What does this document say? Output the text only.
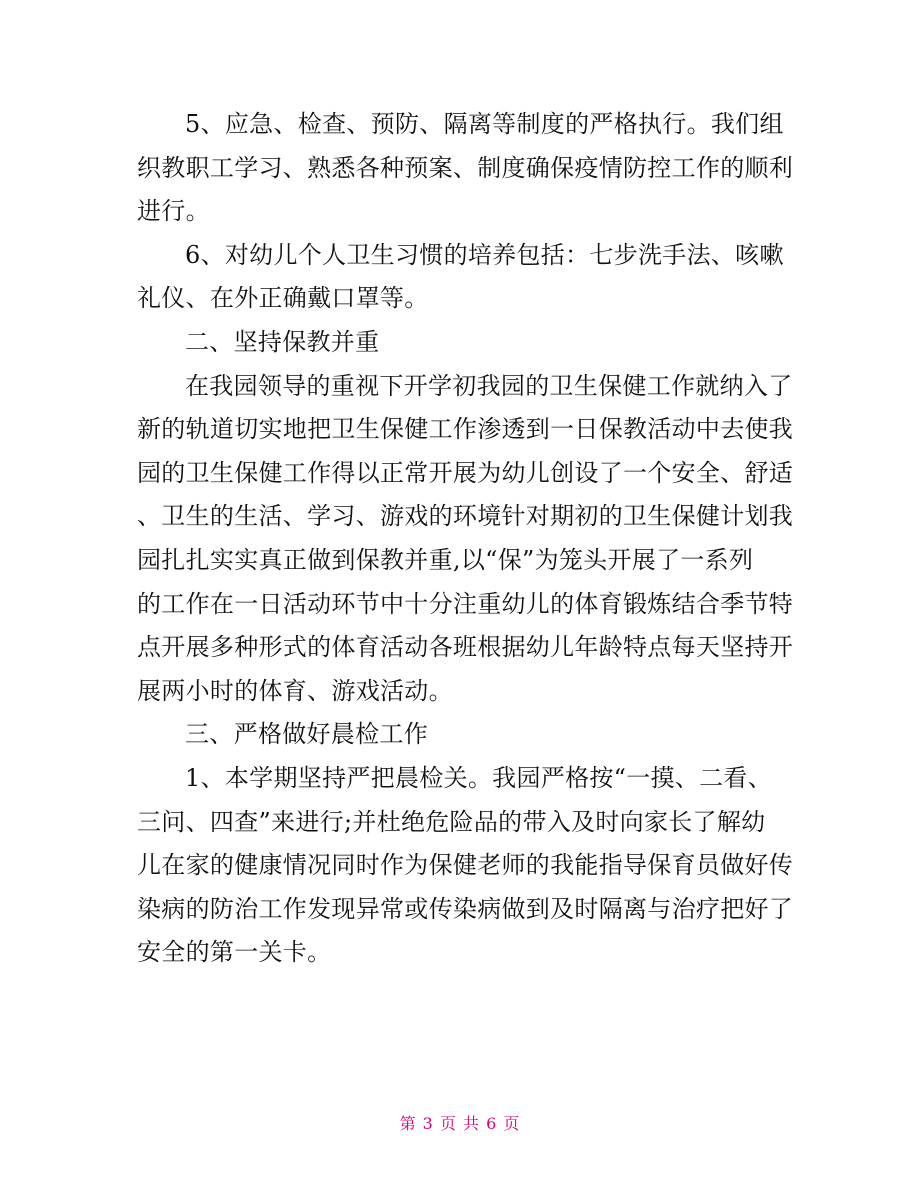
5、应急、检查、预防、隔离等制度的严格执行。我们组
织教职工学习、熟悉各种预案、制度确保疫情防控工作的顺利
进行。
6、对幼儿个人卫生习惯的培养包括：七步洗手法、咳嗽
礼仪、在外正确戴口罩等。
二、坚持保教并重
在我园领导的重视下开学初我园的卫生保健工作就纳入了
新的轨道切实地把卫生保健工作渗透到一日保教活动中去使我
园的卫生保健工作得以正常开展为幼儿创设了一个安全、舒适
、卫生的生活、学习、游戏的环境针对期初的卫生保健计划我
园扎扎实实真正做到保教并重,以“保”为笼头开展了一系列
的工作在一日活动环节中十分注重幼儿的体育锻炼结合季节特
点开展多种形式的体育活动各班根据幼儿年龄特点每天坚持开
展两小时的体育、游戏活动。
三、严格做好晨检工作
1、本学期坚持严把晨检关。我园严格按“一摸、二看、
三问、四查”来进行;并杜绝危险品的带入及时向家长了解幼
儿在家的健康情况同时作为保健老师的我能指导保育员做好传
染病的防治工作发现异常或传染病做到及时隔离与治疗把好了
安全的第一关卡。
第 3 页 共 6 页
